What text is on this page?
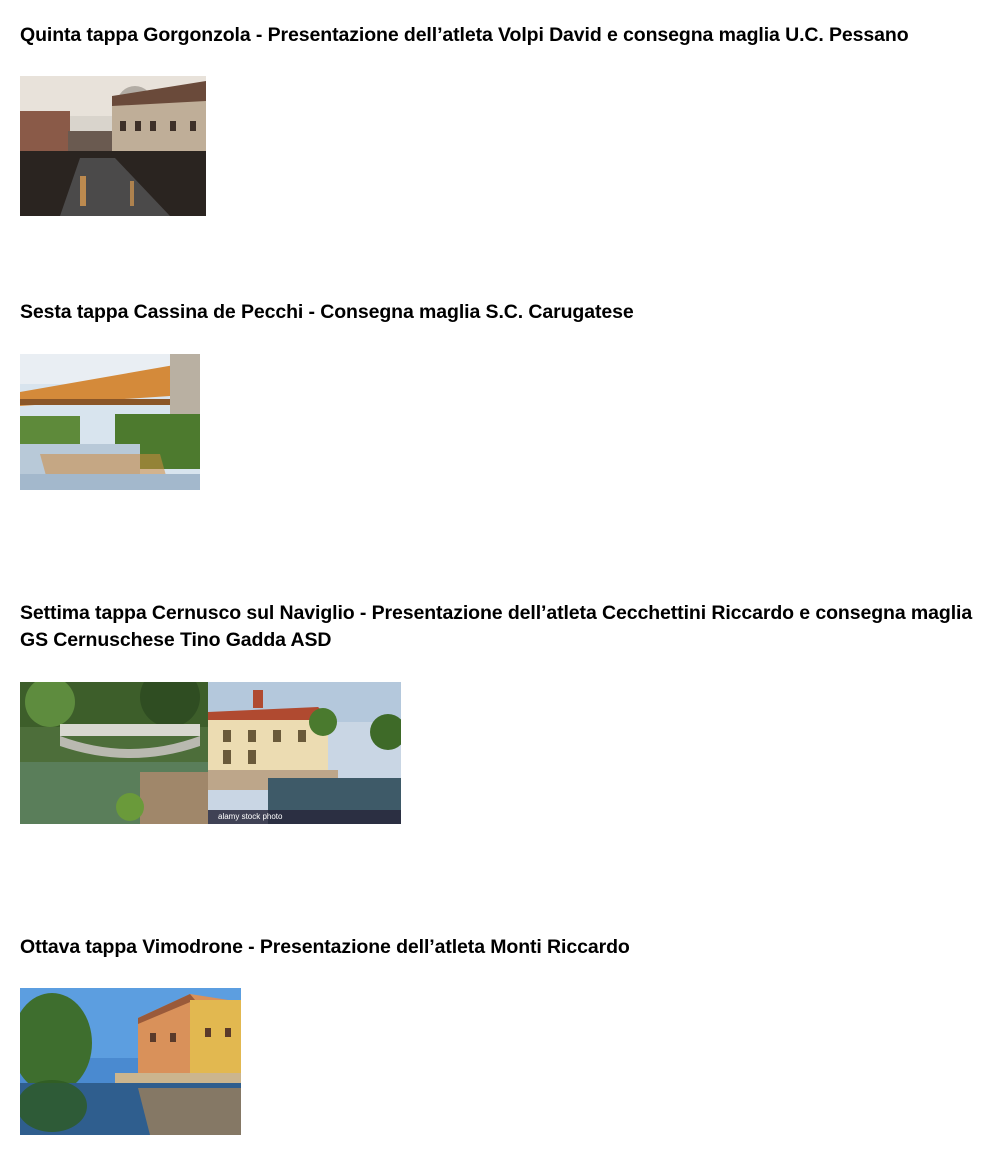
Quinta tappa Gorgonzola - Presentazione dell’atleta Volpi David e consegna maglia U.C. Pessano
Sesta tappa Cassina de Pecchi - Consegna maglia S.C. Carugatese
Settima tappa Cernusco sul Naviglio - Presentazione dell’atleta Cecchettini Riccardo e consegna maglia GS Cernuschese Tino Gadda ASD
alamy stock photo
Ottava tappa Vimodrone - Presentazione dell’atleta Monti Riccardo
